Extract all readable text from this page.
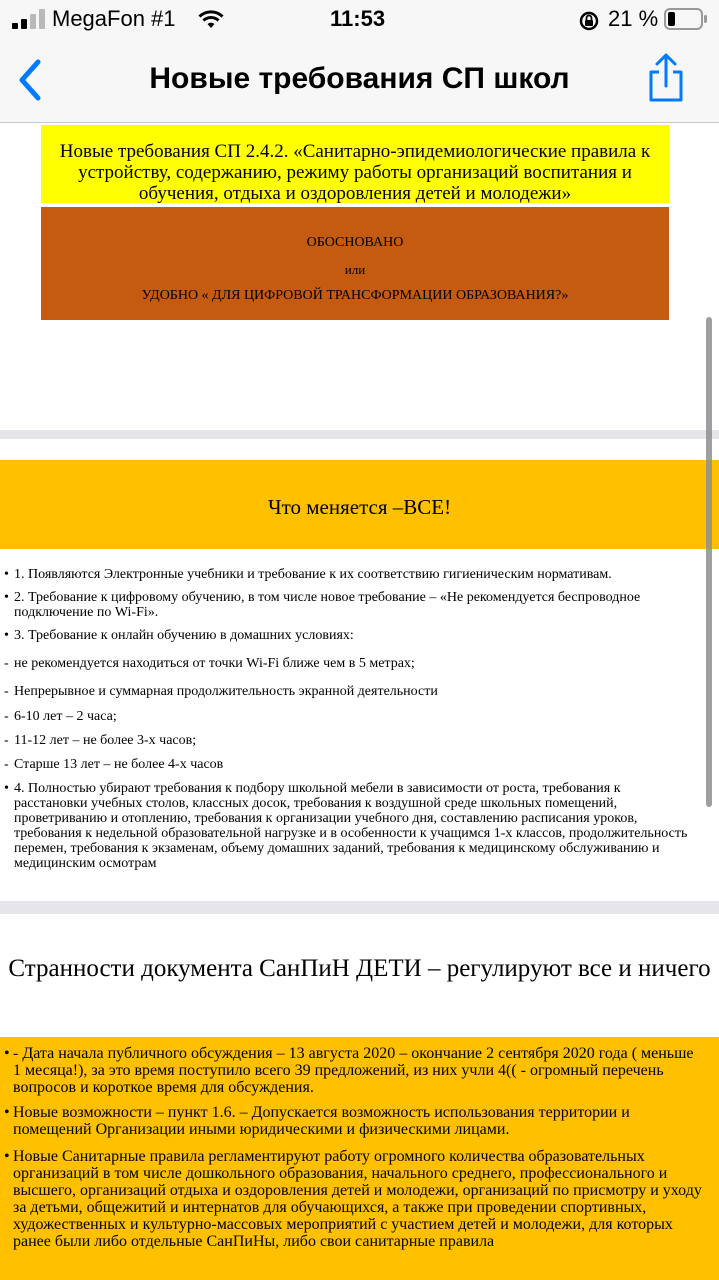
MegaFon #1	11:53	21 %
Новые требования СП школ
Новые требования СП 2.4.2. «Санитарно-эпидемиологические правила к устройству, содержанию, режиму работы организаций воспитания и обучения, отдыха и оздоровления детей и молодежи»
ОБОСНОВАНО
или
УДОБНО « ДЛЯ ЦИФРОВОЙ ТРАНСФОРМАЦИИ ОБРАЗОВАНИЯ?»
Что меняется –ВСЕ!
• 1. Появляются Электронные учебники и требование к их соответствию гигиеническим нормативам.
• 2. Требование к цифровому обучению, в том числе новое требование – «Не рекомендуется беспроводное подключение по Wi-Fi».
• 3. Требование к онлайн обучению в домашних условиях:
- не рекомендуется находиться от точки Wi-Fi ближе чем в 5 метрах;
- Непрерывное и суммарная продолжительность экранной деятельности
- 6-10 лет – 2 часа;
- 11-12 лет – не более 3-х часов;
- Старше 13 лет – не более 4-х часов
• 4. Полностью убирают требования к подбору школьной мебели в зависимости от роста, требования к расстановки учебных столов, классных досок, требования к воздушной среде школьных помещений, проветриванию и отоплению, требования к организации учебного дня, составлению расписания уроков, требования к недельной образовательной нагрузке и в особенности к учащимся 1-х классов, продолжительность перемен, требования к экзаменам, объему домашних заданий, требования к медицинскому обслуживанию и медицинским осмотрам
Странности документа СанПиН ДЕТИ – регулируют все и ничего
• - Дата начала публичного обсуждения – 13 августа 2020 – окончание 2 сентября 2020 года ( меньше 1 месяца!), за это время поступило всего 39 предложений, из них учли 4(( - огромный перечень вопросов и короткое время для обсуждения.
• Новые возможности – пункт 1.6. – Допускается возможность использования территории и помещений Организации иными юридическими и физическими лицами.
• Новые Санитарные правила регламентируют работу огромного количества образовательных организаций в том числе дошкольного образования, начального среднего, профессионального и высшего, организаций отдыха и оздоровления детей и молодежи, организаций по присмотру и уходу за детьми, общежитий и интернатов для обучающихся, а также при проведении спортивных, художественных и культурно-массовых мероприятий с участием детей и молодежи, для которых ранее были либо отдельные СанПиНы, либо свои санитарные правила
